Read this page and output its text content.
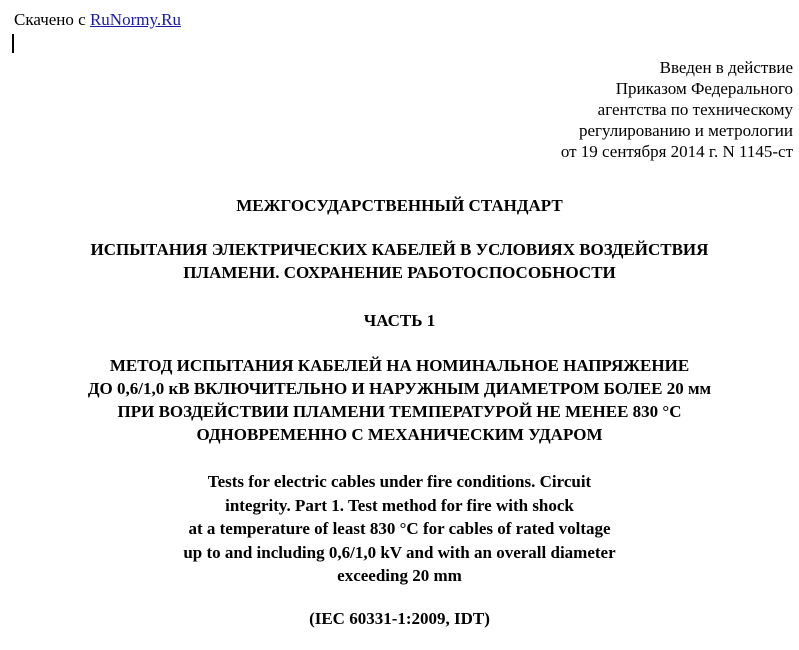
Скачено с RuNormy.Ru
Введен в действие
Приказом Федерального
агентства по техническому
регулированию и метрологии
от 19 сентября 2014 г. N 1145-ст
МЕЖГОСУДАРСТВЕННЫЙ СТАНДАРТ
ИСПЫТАНИЯ ЭЛЕКТРИЧЕСКИХ КАБЕЛЕЙ В УСЛОВИЯХ ВОЗДЕЙСТВИЯ
ПЛАМЕНИ. СОХРАНЕНИЕ РАБОТОСПОСОБНОСТИ
ЧАСТЬ 1
МЕТОД ИСПЫТАНИЯ КАБЕЛЕЙ НА НОМИНАЛЬНОЕ НАПРЯЖЕНИЕ
ДО 0,6/1,0 кВ ВКЛЮЧИТЕЛЬНО И НАРУЖНЫМ ДИАМЕТРОМ БОЛЕЕ 20 мм
ПРИ ВОЗДЕЙСТВИИ ПЛАМЕНИ ТЕМПЕРАТУРОЙ НЕ МЕНЕЕ 830 °С
ОДНОВРЕМЕННО С МЕХАНИЧЕСКИМ УДАРОМ
Tests for electric cables under fire conditions. Circuit
integrity. Part 1. Test method for fire with shock
at a temperature of least 830 °C for cables of rated voltage
up to and including 0,6/1,0 kV and with an overall diameter
exceeding 20 mm
(IEC 60331-1:2009, IDT)
